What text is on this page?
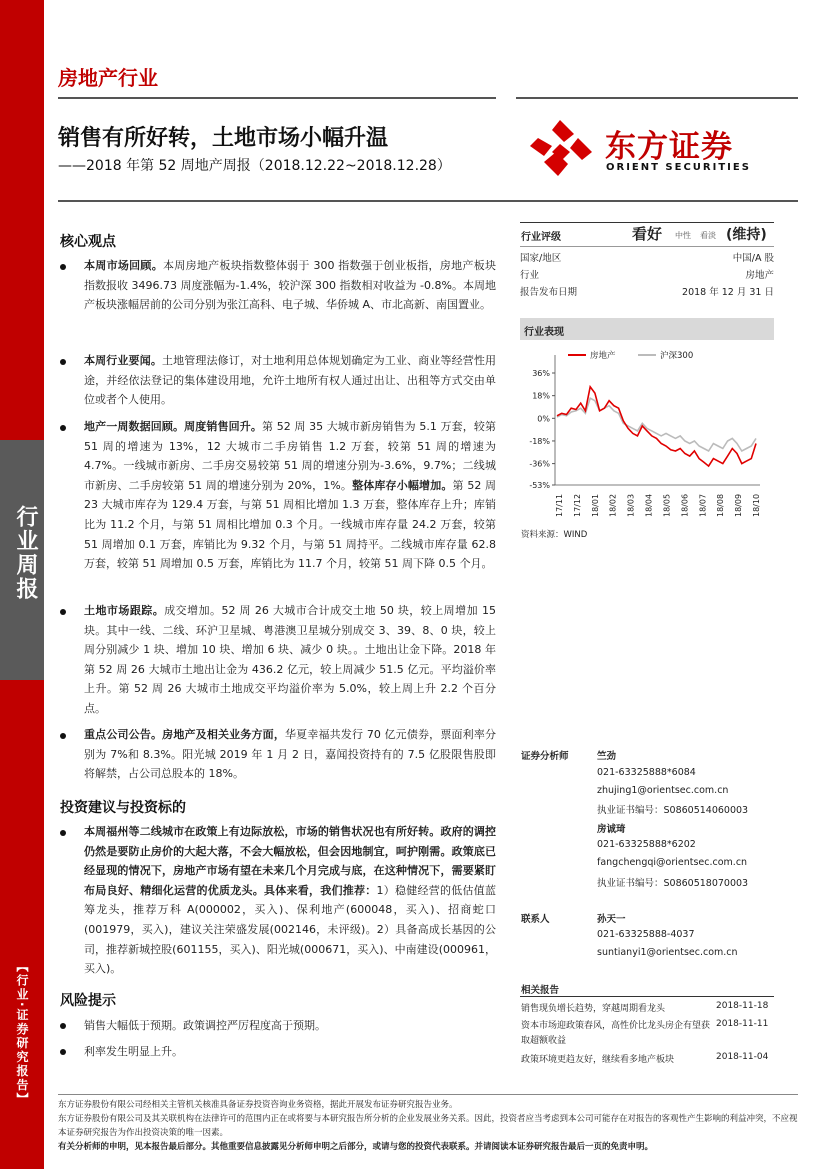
行业周报
【行业·证券研究报告】
房地产行业
销售有所好转，土地市场小幅升温
——2018 年第 52 周地产周报（2018.12.22~2018.12.28）
东方证券
ORIENT SECURITIES
核心观点
本周市场回顾。本周房地产板块指数整体弱于 300 指数强于创业板指，房地产板块指数报收 3496.73 周度涨幅为-1.4%，较沪深 300 指数相对收益为 -0.8%。本周地产板块涨幅居前的公司分别为张江高科、电子城、华侨城 A、市北高新、南国置业。
本周行业要闻。土地管理法修订，对土地利用总体规划确定为工业、商业等经营性用途，并经依法登记的集体建设用地，允许土地所有权人通过出让、出租等方式交由单位或者个人使用。
地产一周数据回顾。周度销售回升。第 52 周 35 大城市新房销售为 5.1 万套，较第 51 周的增速为 13%，12 大城市二手房销售 1.2 万套，较第 51 周的增速为 4.7%。一线城市新房、二手房交易较第 51 周的增速分别为-3.6%，9.7%；二线城市新房、二手房较第 51 周的增速分别为 20%，1%。整体库存小幅增加。第 52 周 23 大城市库存为 129.4 万套，与第 51 周相比增加 1.3 万套，整体库存上升；库销比为 11.2 个月，与第 51 周相比增加 0.3 个月。一线城市库存量 24.2 万套，较第 51 周增加 0.1 万套，库销比为 9.32 个月，与第 51 周持平。二线城市库存量 62.8 万套，较第 51 周增加 0.5 万套，库销比为 11.7 个月，较第 51 周下降 0.5 个月。
土地市场跟踪。成交增加。52 周 26 大城市合计成交土地 50 块，较上周增加 15 块。其中一线、二线、环沪卫星城、粤港澳卫星城分别成交 3、39、8、0 块，较上周分别减少 1 块、增加 10 块、增加 6 块、减少 0 块。。土地出让金下降。2018 年第 52 周 26 大城市土地出让金为 436.2 亿元，较上周减少 51.5 亿元。平均溢价率上升。第 52 周 26 大城市土地成交平均溢价率为 5.0%，较上周上升 2.2 个百分点。
重点公司公告。房地产及相关业务方面，华夏幸福共发行 70 亿元债券，票面利率分别为 7%和 8.3%。阳光城 2019 年 1 月 2 日，嘉闻投资持有的 7.5 亿股限售股即将解禁，占公司总股本的 18%。
投资建议与投资标的
本周福州等二线城市在政策上有边际放松，市场的销售状况也有所好转。政府的调控仍然是要防止房价的大起大落，不会大幅放松，但会因地制宜，呵护刚需。政策底已经显现的情况下，房地产市场有望在未来几个月完成与底，在这种情况下，需要紧盯布局良好、精细化运营的优质龙头。具体来看，我们推荐：1）稳健经营的低估值蓝筹龙头，推荐万科 A(000002，买入)、保利地产(600048，买入)、招商蛇口(001979，买入)，建议关注荣盛发展(002146，未评级)。2）具备高成长基因的公司，推荐新城控股(601155，买入)、阳光城(000671，买入)、中南建设(000961，买入)。
风险提示
销售大幅低于预期。政策调控严厉程度高于预期。
利率发生明显上升。
行业评级	看好 中性 看淡 (维持)
国家/地区	中国/A 股
行业	房地产
报告发布日期	2018 年 12 月 31 日
行业表现
房地产	沪深300
36%
18%
0%
-18%
-36%
-53%
17/11 17/12 18/01 18/02 18/03 18/04 18/05 18/06 18/07 18/08 18/09 18/10
资料来源：WIND
证券分析师	竺劲
021-63325888*6084
zhujing1@orientsec.com.cn
执业证书编号：S0860514060003
房诚琦
021-63325888*6202
fangchengqi@orientsec.com.cn
执业证书编号：S0860518070003
联系人	孙天一
021-63325888-4037
suntianyi1@orientsec.com.cn
相关报告
销售现负增长趋势，穿越周期看龙头	2018-11-18
资本市场迎政策春风，高性价比龙头房企有望获取超额收益
2018-11-11
政策环境更趋友好，继续看多地产板块	2018-11-04
东方证券股份有限公司经相关主管机关核准具备证券投资咨询业务资格，据此开展发布证券研究报告业务。
东方证券股份有限公司及其关联机构在法律许可的范围内正在或将要与本研究报告所分析的企业发展业务关系。因此，投资者应当考虑到本公司可能存在对报告的客观性产生影响的利益冲突，不应视本证券研究报告为作出投资决策的唯一因素。
有关分析师的申明，见本报告最后部分。其他重要信息披露见分析师申明之后部分，或请与您的投资代表联系。并请阅读本证券研究报告最后一页的免责申明。
